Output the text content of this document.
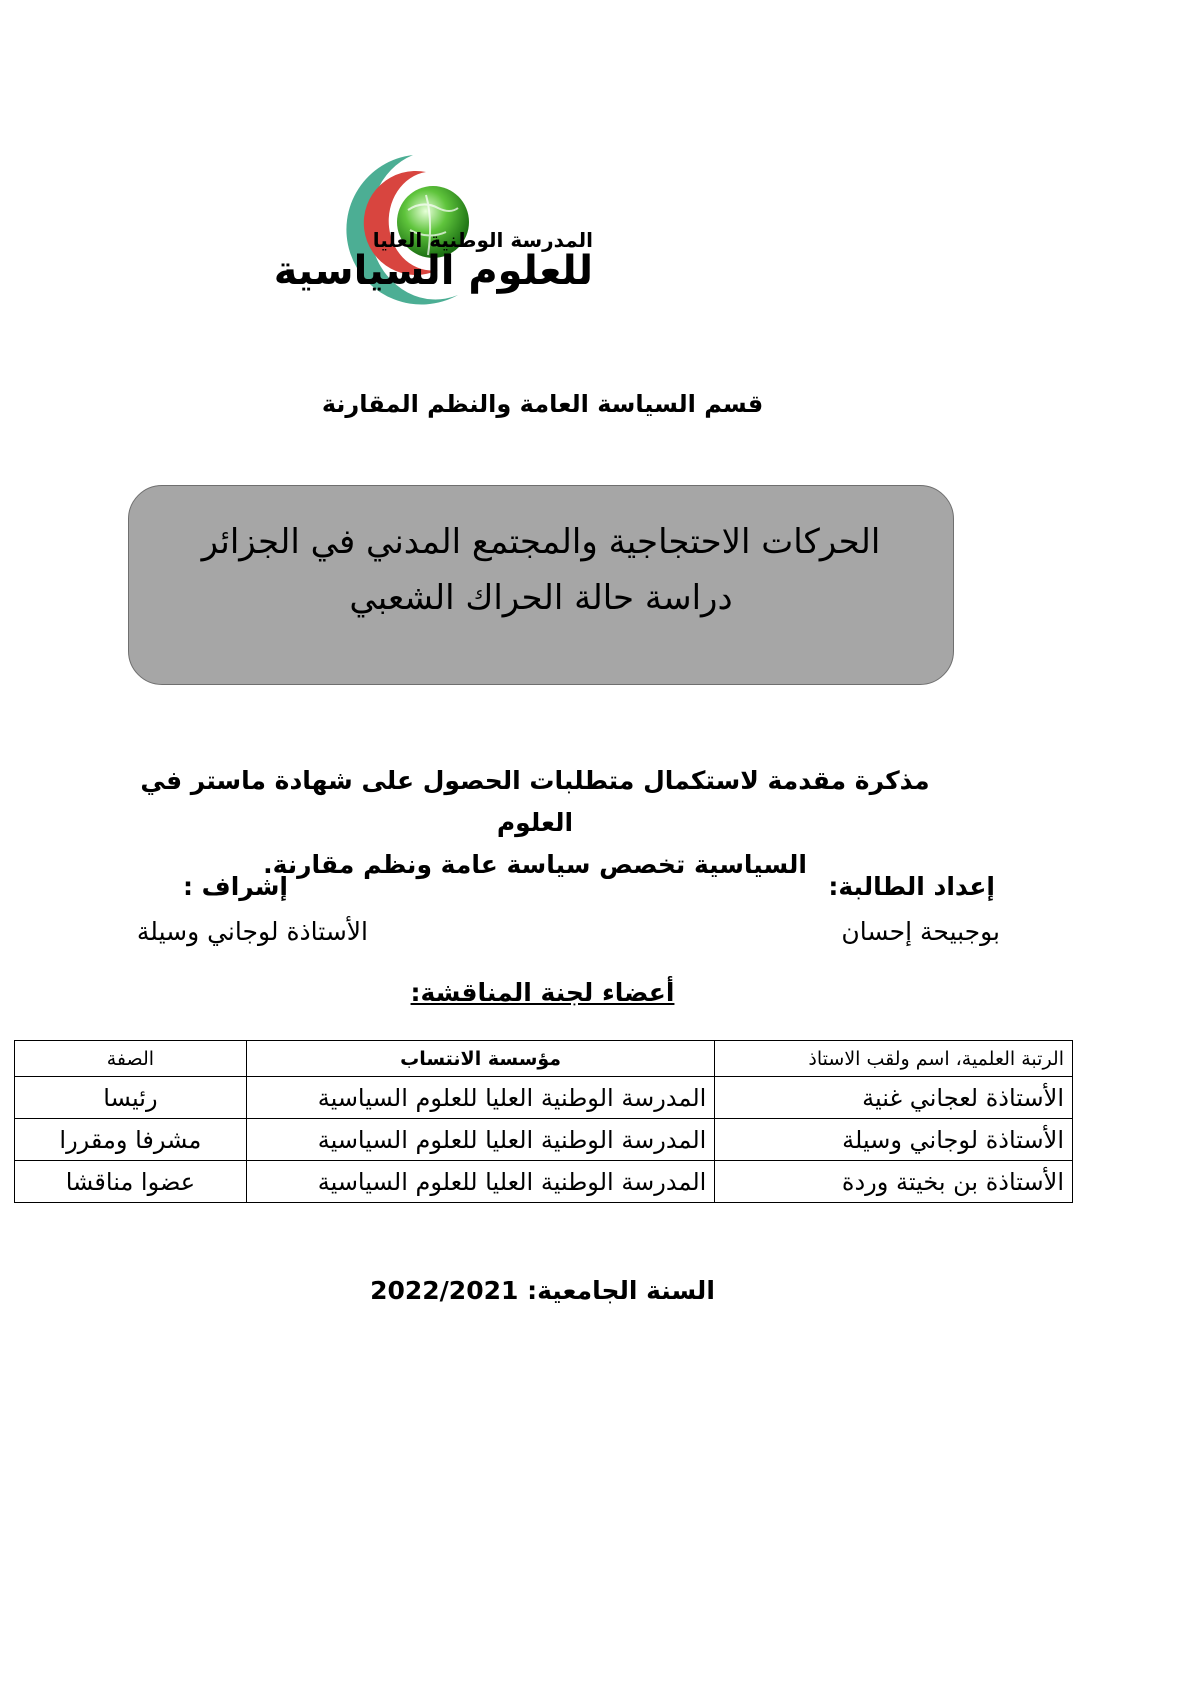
المدرسة الوطنية العليا
للعلوم السياسية
قسم السياسة العامة والنظم المقارنة
الحركات الاحتجاجية والمجتمع المدني في الجزائر
دراسة حالة الحراك الشعبي
مذكرة مقدمة لاستكمال متطلبات الحصول على شهادة ماستر في العلوم
السياسية تخصص سياسة عامة ونظم مقارنة.
إعداد الطالبة:
بوجبيحة إحسان
إشراف :
الأستاذة لوجاني وسيلة
أعضاء لجنة المناقشة:
الرتبة العلمية، اسم ولقب الاستاذ	مؤسسة الانتساب	الصفة
الأستاذة لعجاني غنية	المدرسة الوطنية العليا للعلوم السياسية	رئيسا
الأستاذة لوجاني وسيلة	المدرسة الوطنية العليا للعلوم السياسية	مشرفا ومقررا
الأستاذة بن بخيتة وردة	المدرسة الوطنية العليا للعلوم السياسية	عضوا مناقشا
السنة الجامعية: 2022/2021
